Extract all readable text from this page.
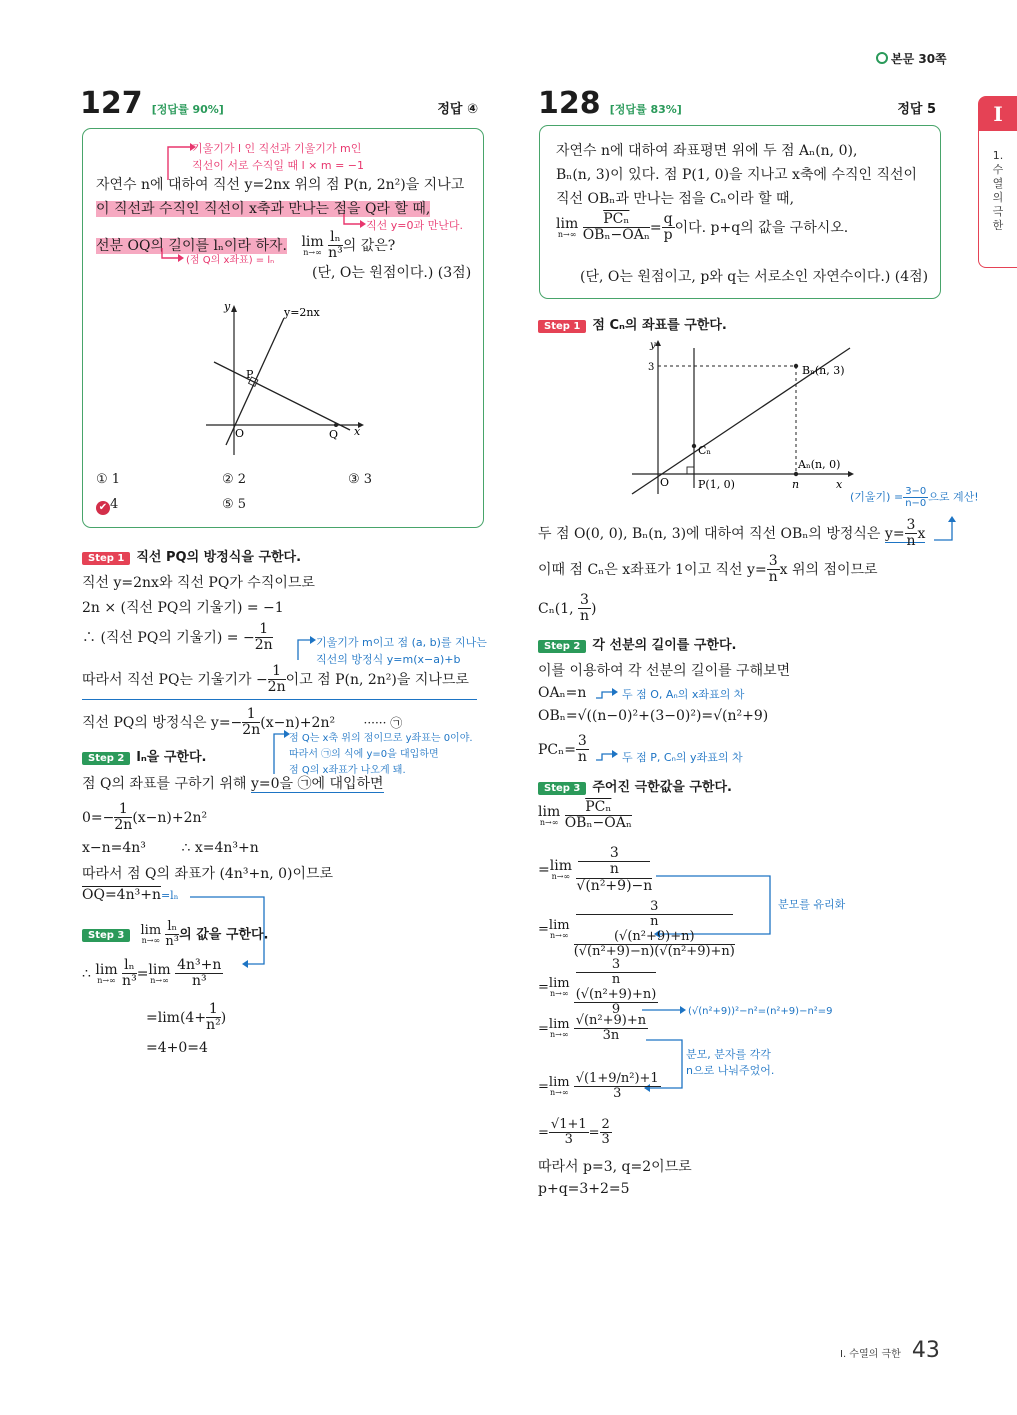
본문 30쪽
I
1.
수
열
의
극
한
127 [정답률 90%]	정답 ④
기울기가 l 인 직선과 기울기가 m인
직선이 서로 수직일 때 l × m = −1
자연수 n에 대하여 직선 y=2nx 위의 점 P(n, 2n²)을 지나고
이 직선과 수직인 직선이 x축과 만나는 점을 Q라 할 때,
직선 y=0과 만난다.
선분 OQ의 길이를 lₙ이라 하자. lim
n→∞
$\frac{\text{lₙ}}{\text{n³}}$ 의 값은?
(점 Q의 x좌표) = lₙ
(단, O는 원점이다.) (3점)
y
x
y=2nx
P
O	Q
① 1	② 2	③ 3
✔ 4	⑤ 5
Step 1 직선 PQ의 방정식을 구한다.
직선 y=2nx와 직선 PQ가 수직이므로
2n × (직선 PQ의 기울기) = −1
∴ (직선 PQ의 기울기) = − $\frac{1}{2n}$	기울기가 m이고 점 (a, b)를 지나는
직선의 방정식 y=m(x−a)+b
따라서 직선 PQ는 기울기가 − $\frac{1}{2n}$ 이고 점 P(n, 2n²)을 지나므로
직선 PQ의 방정식은 $y=- \frac{1}{2n} (x-n)+2n^2$ ······ ㉠
점 Q는 x축 위의 점이므로 y좌표는 0이야.
따라서 ㉠의 식에 y=0을 대입하면
점 Q의 x좌표가 나오게 돼.
Step 2 lₙ을 구한다.
점 Q의 좌표를 구하기 위해 y=0을 ㉠에 대입하면
$0=- \frac{1}{2n} (x-n)+2n^2$
x−n=4n³        ∴ x=4n³+n
따라서 점 Q의 좌표가 (4n³+n, 0)이므로
OQ=4n³+n=lₙ
Step 3 lim
n→∞
$\frac{\text{lₙ}}{\text{n³}}$ 의 값을 구한다.
∴ lim
n→∞
$\frac{\text{lₙ}}{\text{n³}} = \lim$
n→∞
$\frac{\text{4n³+n}}{\text{n³}}$
$=\lim(4+ \frac{1}{\text{n²}}$ )
=4+0=4
128 [정답률 83%]	정답 5
자연수 n에 대하여 좌표평면 위에 두 점 Aₙ(n, 0),
Bₙ(n, 3)이 있다. 점 P(1, 0)을 지나고 x축에 수직인 직선이
직선 OBₙ과 만나는 점을 Cₙ이라 할 때,
lim
n→∞
$\frac{\overline{PC_n}}{\text{OBₙ−OAₙ}} = \frac{q}{p}$ 이다. p+q의 값을 구하시오.
(단, O는 원점이고, p와 q는 서로소인 자연수이다.) (4점)
Step 1 점 Cₙ의 좌표를 구한다.
y
x
3	Bₙ(n, 3)
Cₙ
Aₙ(n, 0)
O	P(1, 0)	n
(기울기) = $\frac{3-0}{n-0}$ 으로 계산!
두 점 O(0, 0), Bₙ(n, 3)에 대하여 직선 OBₙ의 방정식은 $y= \frac{3}{n}$ x
이때 점 Cₙ은 x좌표가 1이고 직선 $y= \frac{3}{n}$ x 위의 점이므로
Cₙ(1, $\frac{3}{n}$ )
Step 2 각 선분의 길이를 구한다.
이를 이용하여 각 선분의 길이를 구해보면
OAₙ=n	두 점 O, Aₙ의 x좌표의 차
OBₙ=√((n−0)²+(3−0)²)=√(n²+9)
$PC_n= \frac{3}{n}$	두 점 P, Cₙ의 y좌표의 차
Step 3 주어진 극한값을 구한다.
lim
n→∞
$\frac{\overline{PC_n}}{\text{OBₙ−OAₙ}}$
= lim
n→∞
3
n
√(n²+9)−n
분모를 유리화
= lim
n→∞
3
n
(√(n²+9)+n)
(√(n²+9)−n)(√(n²+9)+n)
= lim
n→∞
3
n
(√(n²+9)+n)
9	(√(n²+9))²−n²=(n²+9)−n²=9
= lim
n→∞
$\frac{\text{√(n²+9)+n}}{3n}$
분모, 분자를 각각
n으로 나눠주었어.
= lim
n→∞
$\frac{\text{√(1+9/n²)+1}}{3}$
= $\frac{√1+1}{3} = \frac{2}{3}$
따라서 p=3, q=2이므로
p+q=3+2=5
I. 수열의 극한 43
